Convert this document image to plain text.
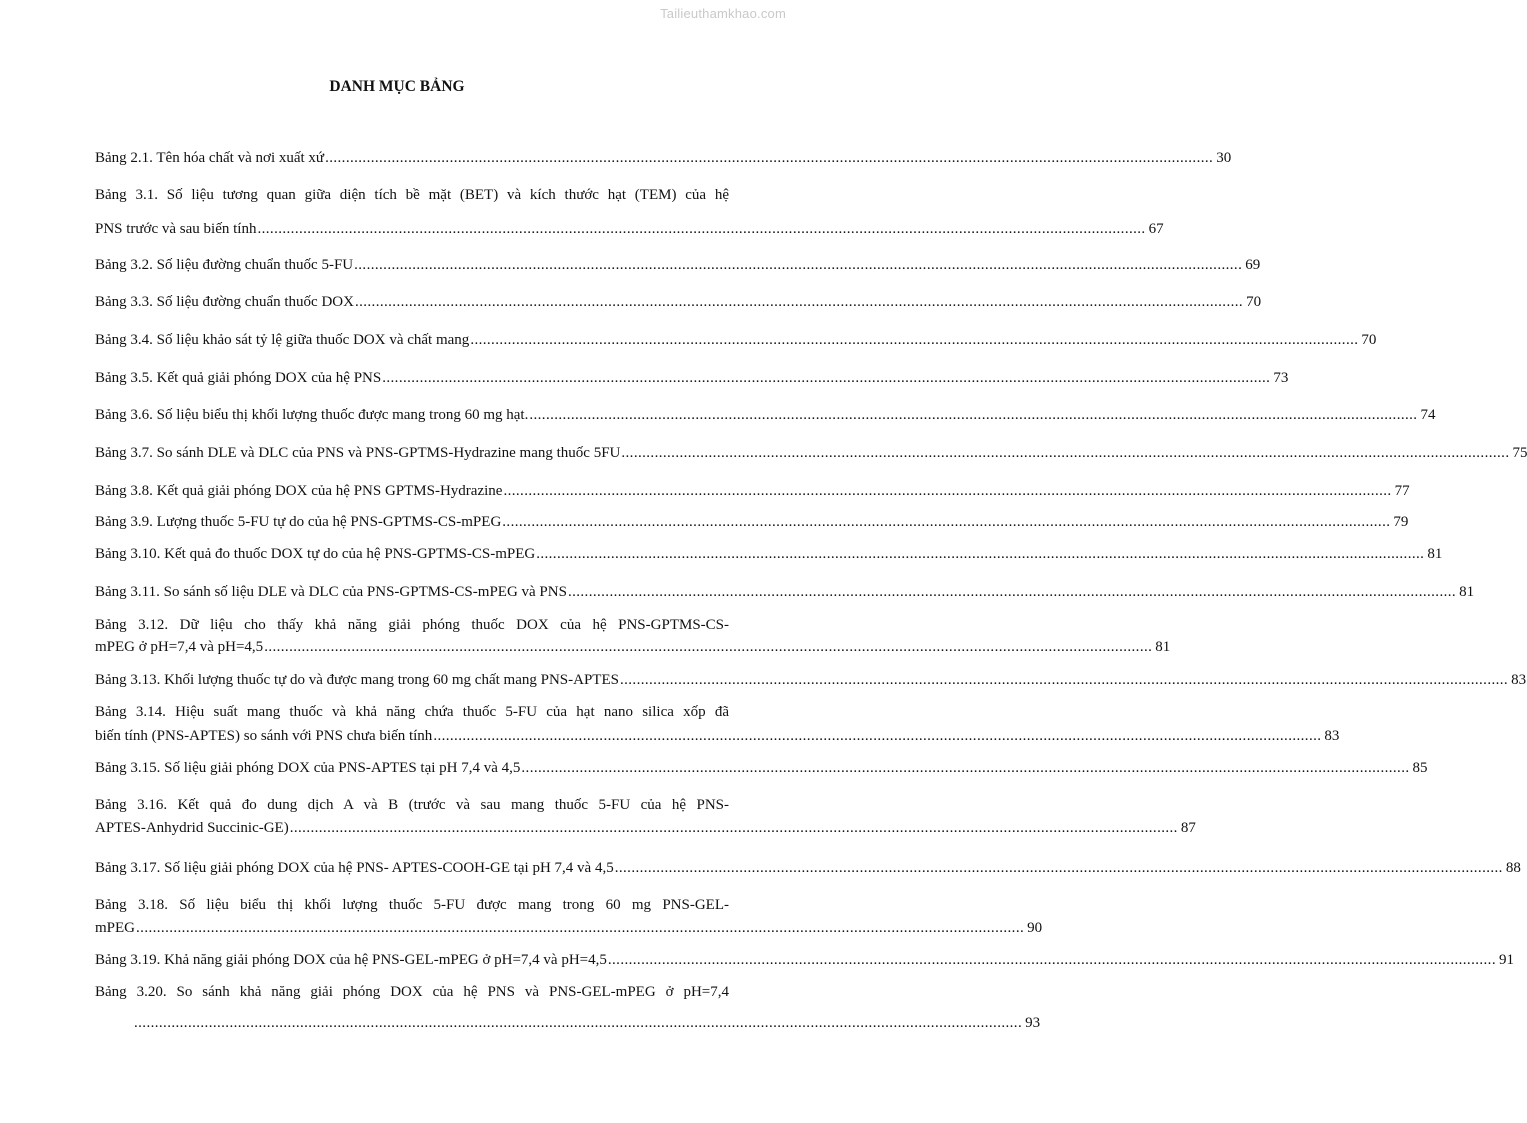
Tailieuthamkhao.com
DANH MỤC BẢNG
Bảng 2.1. Tên hóa chất và nơi xuất xứ .....	30
Bảng 3.1. Số liệu tương quan giữa diện tích bề mặt (BET) và kích thước hạt (TEM) của hệ
PNS trước và sau biến tính .....	67
Bảng 3.2. Số liệu đường chuẩn thuốc 5-FU .....	69
Bảng 3.3. Số liệu đường chuẩn thuốc DOX .....	70
Bảng 3.4. Số liệu khảo sát tỷ lệ giữa thuốc DOX và chất mang .....	70
Bảng 3.5. Kết quả giải phóng DOX của hệ PNS .....	73
Bảng 3.6. Số liệu biểu thị khối lượng thuốc được mang trong 60 mg hạt. .....	74
Bảng 3.7. So sánh DLE và DLC của PNS và PNS-GPTMS-Hydrazine mang thuốc 5FU .....	75
Bảng 3.8. Kết quả giải phóng DOX của hệ PNS GPTMS-Hydrazine .....	77
Bảng 3.9. Lượng thuốc 5-FU tự do của hệ PNS-GPTMS-CS-mPEG .....	79
Bảng 3.10. Kết quả đo thuốc DOX tự do của hệ PNS-GPTMS-CS-mPEG .....	81
Bảng 3.11. So sánh số liệu DLE và DLC của PNS-GPTMS-CS-mPEG và PNS .....	81
Bảng 3.12. Dữ liệu cho thấy khả năng giải phóng thuốc DOX của hệ PNS-GPTMS-CS-
mPEG ở pH=7,4 và pH=4,5 .....	81
Bảng 3.13. Khối lượng thuốc tự do và được mang trong 60 mg chất mang PNS-APTES .....	83
Bảng 3.14. Hiệu suất mang thuốc và khả năng chứa thuốc 5-FU của hạt nano silica xốp đã
biến tính (PNS-APTES) so sánh với PNS chưa biến tính .....	83
Bảng 3.15. Số liệu giải phóng DOX của PNS-APTES tại pH 7,4 và 4,5 .....	85
Bảng 3.16. Kết quả đo dung dịch A và B (trước và sau mang thuốc 5-FU của hệ PNS-
APTES-Anhydrid Succinic-GE) .....	87
Bảng 3.17. Số liệu giải phóng DOX của hệ PNS- APTES-COOH-GE tại pH 7,4 và 4,5 .....	88
Bảng 3.18. Số liệu biểu thị khối lượng thuốc 5-FU được mang trong 60 mg PNS-GEL-
mPEG .....	90
Bảng 3.19. Khả năng giải phóng DOX của hệ PNS-GEL-mPEG ở pH=7,4 và pH=4,5 .....	91
Bảng 3.20. So sánh khả năng giải phóng DOX của hệ PNS và PNS-GEL-mPEG ở pH=7,4
.....
93
